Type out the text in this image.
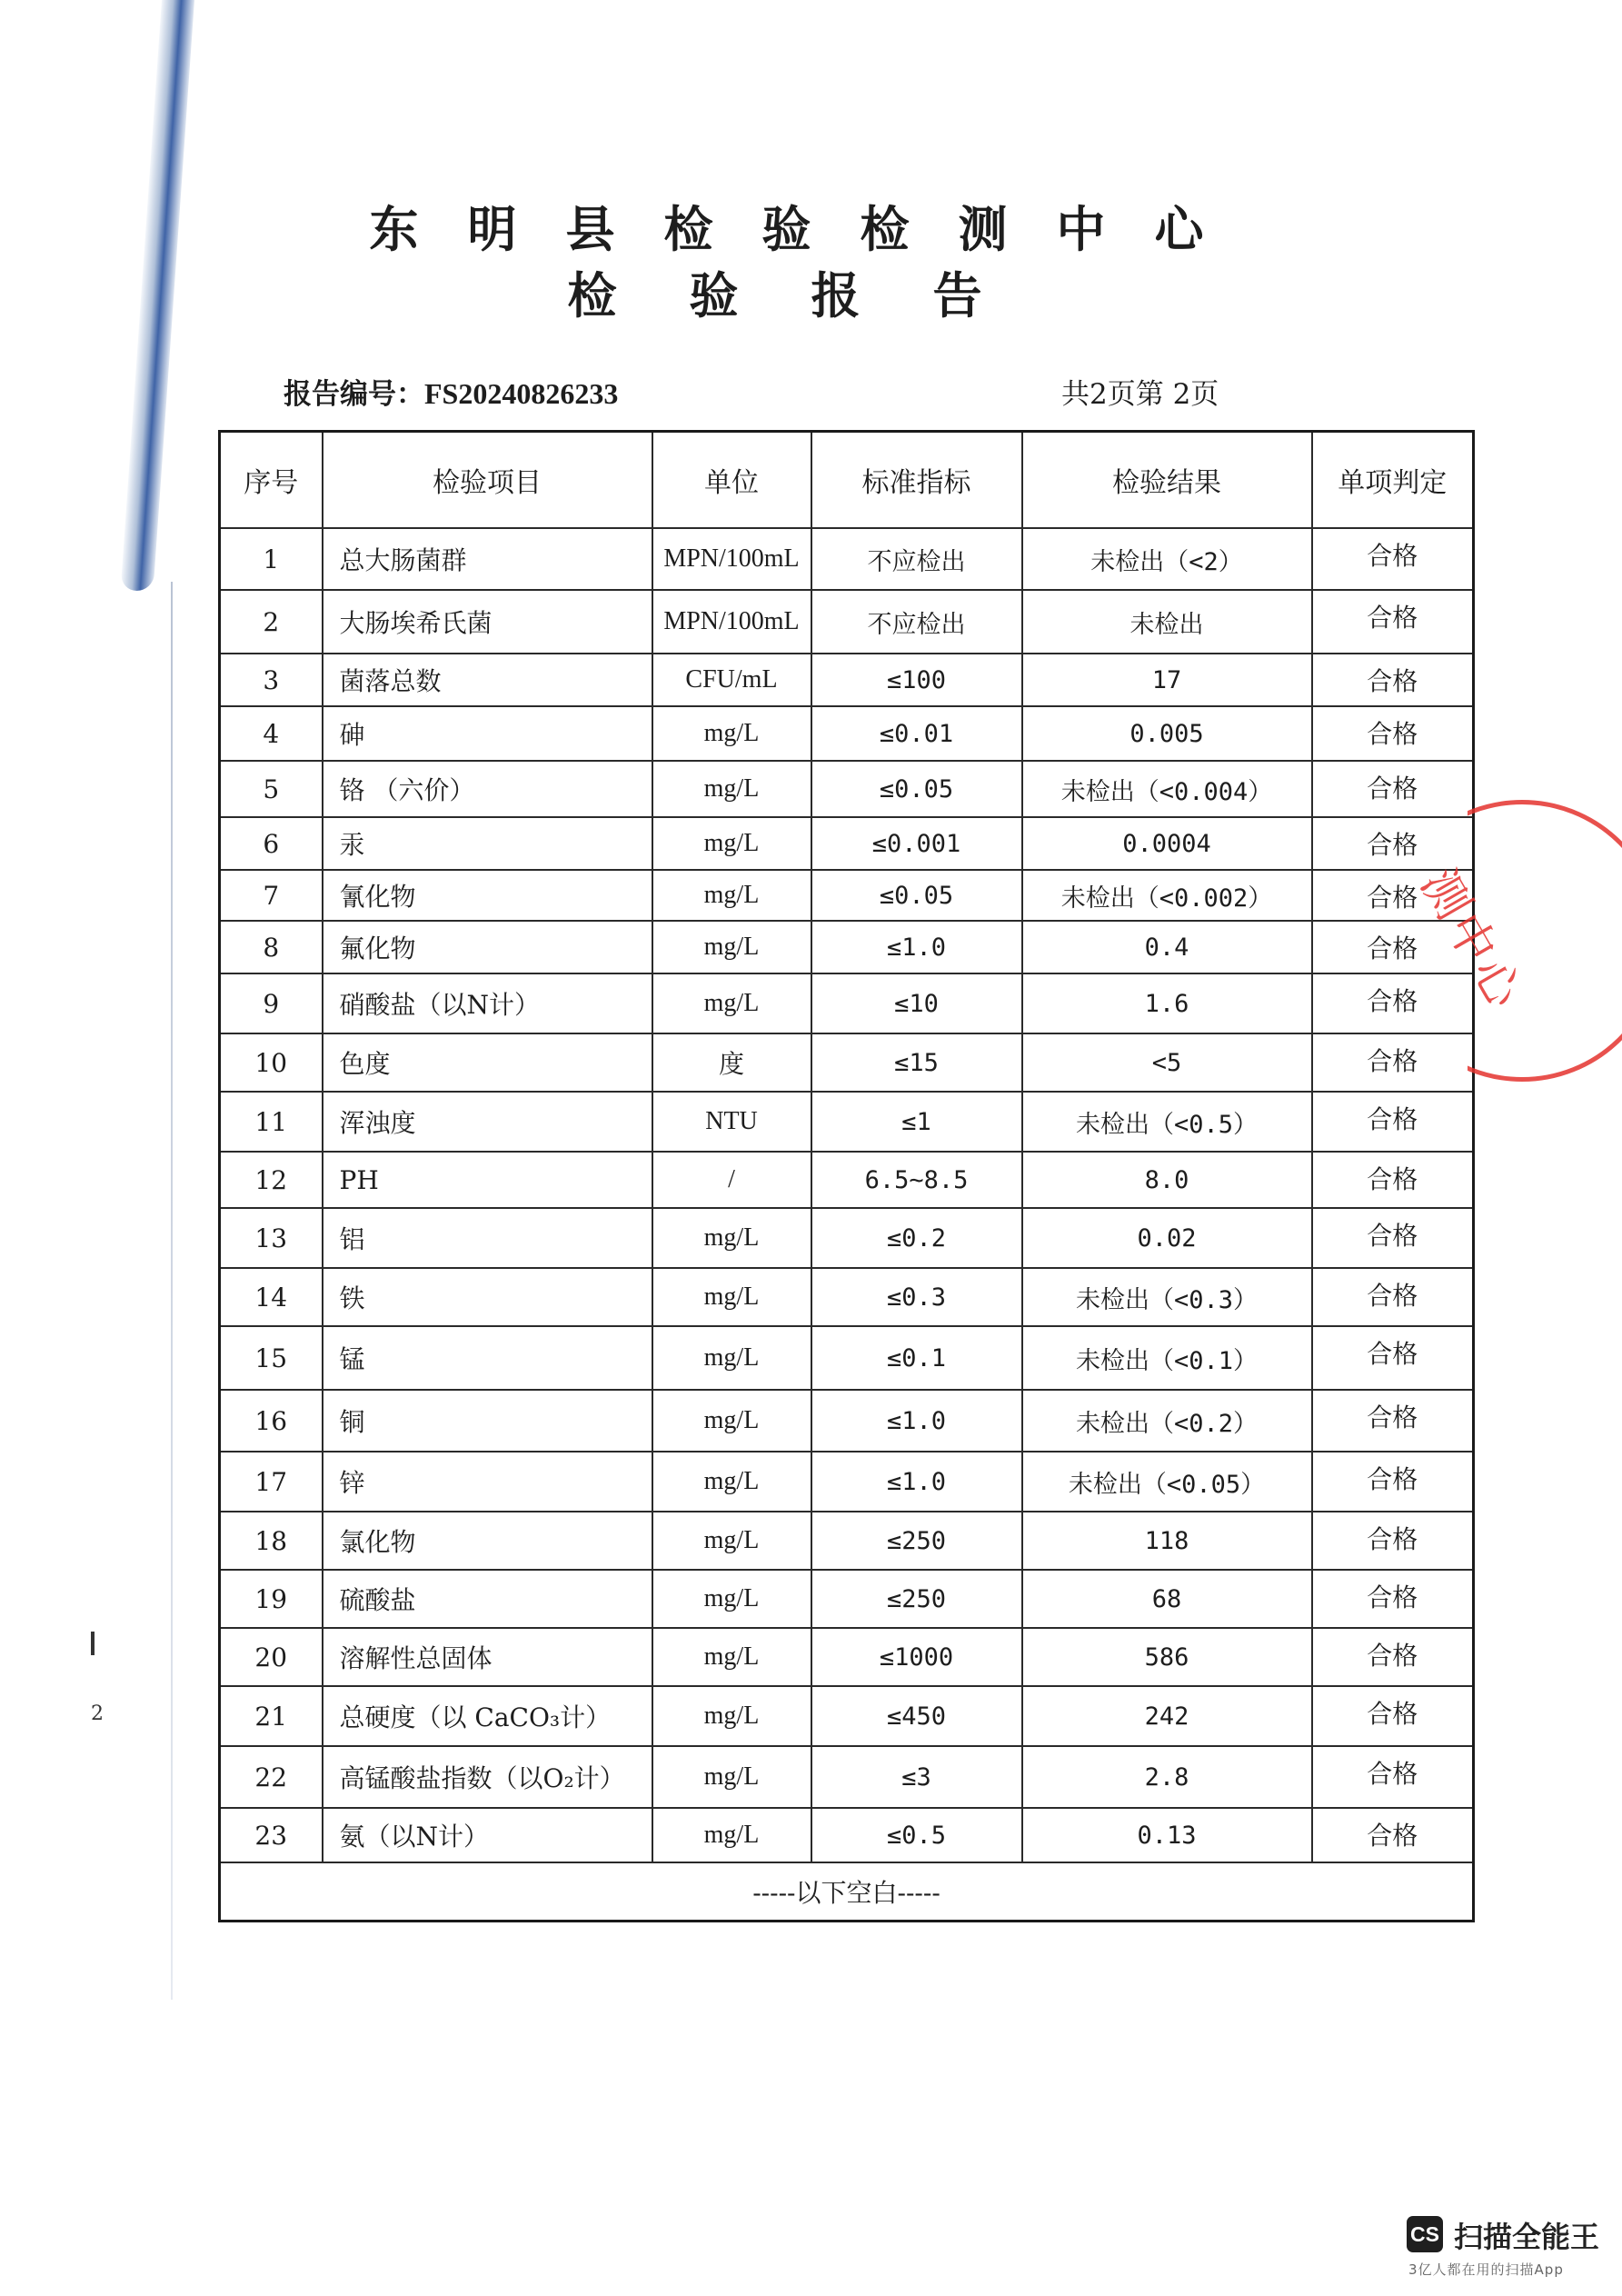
2
东明县检验检测中心
检验报告
报告编号：FS20240826233	共2页第 2页
序号	检验项目	单位	标准指标	检验结果	单项判定
1	总大肠菌群	MPN/100mL	不应检出	未检出（<2）	合格
2	大肠埃希氏菌	MPN/100mL	不应检出	未检出	合格
3	菌落总数	CFU/mL	≤100	17	合格
4	砷	mg/L	≤0.01	0.005	合格
5	铬 （六价）	mg/L	≤0.05	未检出（<0.004）	合格
6	汞	mg/L	≤0.001	0.0004	合格
7	氰化物	mg/L	≤0.05	未检出（<0.002）	合格
8	氟化物	mg/L	≤1.0	0.4	合格
9	硝酸盐（以N计）	mg/L	≤10	1.6	合格
10	色度	度	≤15	<5	合格
11	浑浊度	NTU	≤1	未检出（<0.5）	合格
12	PH	/	6.5~8.5	8.0	合格
13	铝	mg/L	≤0.2	0.02	合格
14	铁	mg/L	≤0.3	未检出（<0.3）	合格
15	锰	mg/L	≤0.1	未检出（<0.1）	合格
16	铜	mg/L	≤1.0	未检出（<0.2）	合格
17	锌	mg/L	≤1.0	未检出（<0.05）	合格
18	氯化物	mg/L	≤250	118	合格
19	硫酸盐	mg/L	≤250	68	合格
20	溶解性总固体	mg/L	≤1000	586	合格
21	总硬度（以 CaCO₃计）	mg/L	≤450	242	合格
22	高锰酸盐指数（以O₂计）	mg/L	≤3	2.8	合格
23	氨（以N计）	mg/L	≤0.5	0.13	合格
-----以下空白-----					
测中心
CS 扫描全能王
3亿人都在用的扫描App
